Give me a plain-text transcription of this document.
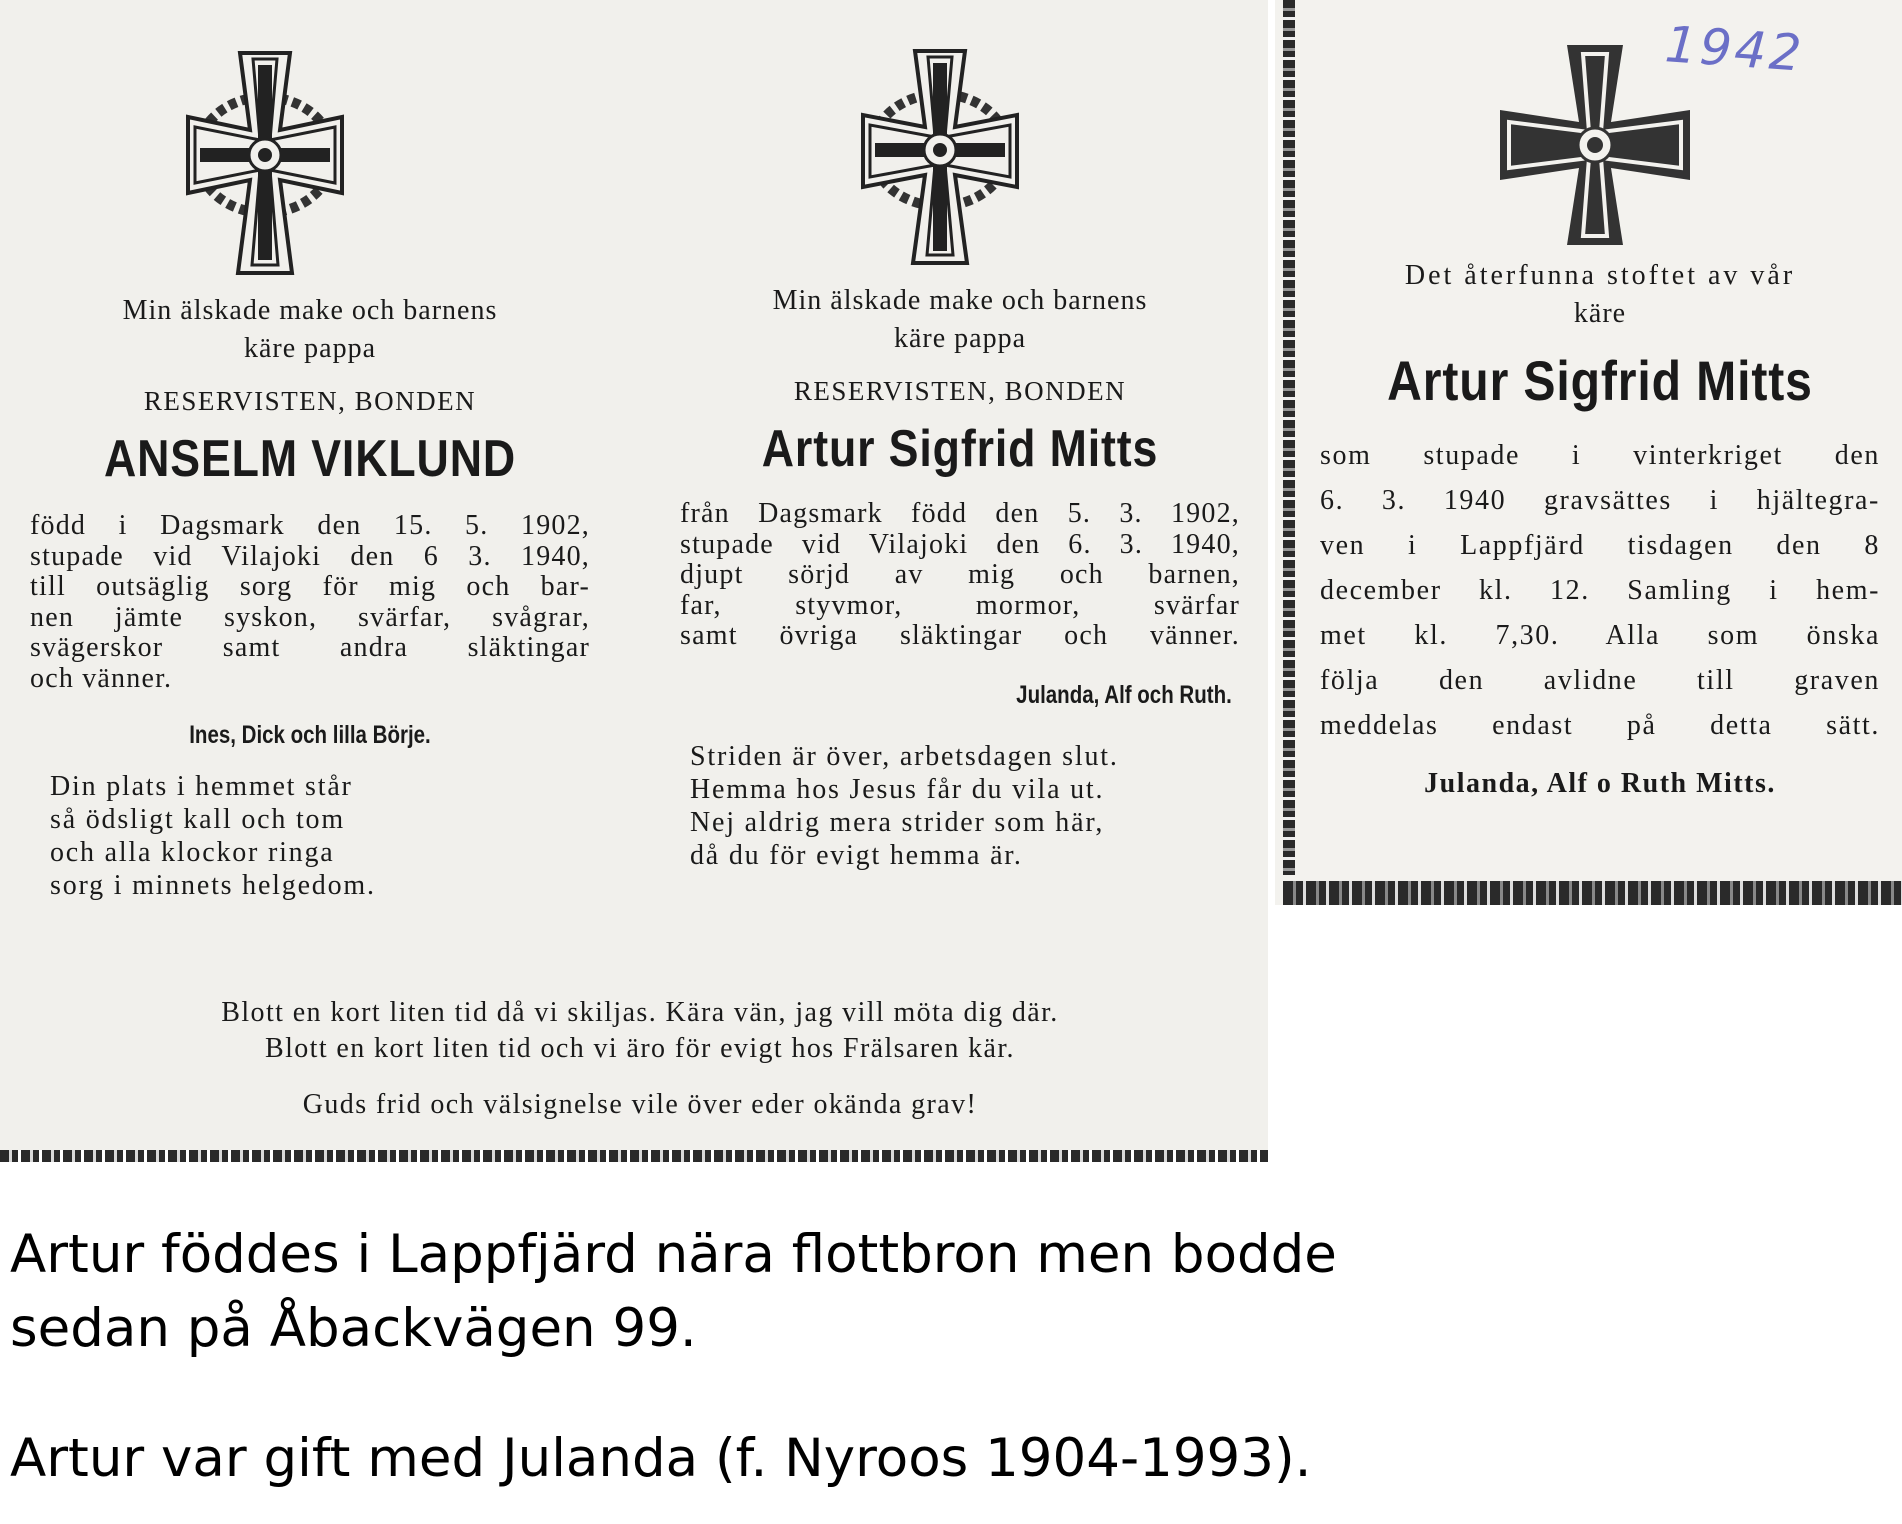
Min älskade make och barnens
käre pappa
RESERVISTEN, BONDEN
ANSELM VIKLUND
född i Dagsmark den 15. 5. 1902,
stupade vid Vilajoki den 6 3. 1940,
till outsäglig sorg för mig och bar-
nen jämte syskon, svärfar, svågrar,
svägerskor samt andra släktingar
och vänner.
Ines, Dick och lilla Börje.
Din plats i hemmet står
så ödsligt kall och tom
och alla klockor ringa
sorg i minnets helgedom.
Min älskade make och barnens
käre pappa
RESERVISTEN, BONDEN
Artur Sigfrid Mitts
från Dagsmark född den 5. 3. 1902,
stupade vid Vilajoki den 6. 3. 1940,
djupt sörjd av mig och barnen,
far, styvmor, mormor, svärfar
samt övriga släktingar och vänner.
Julanda, Alf och Ruth.
Striden är över, arbetsdagen slut.
Hemma hos Jesus får du vila ut.
Nej aldrig mera strider som här,
då du för evigt hemma är.
Blott en kort liten tid då vi skiljas. Kära vän, jag vill möta dig där.
Blott en kort liten tid och vi äro för evigt hos Frälsaren kär.
Guds frid och välsignelse vile över eder okända grav!
1942
Det återfunna stoftet av vår
käre
Artur Sigfrid Mitts
som stupade i vinterkriget den
6. 3. 1940 gravsättes i hjältegra-
ven i Lappfjärd tisdagen den 8
december kl. 12. Samling i hem-
met kl. 7,30. Alla som önska
följa den avlidne till graven
meddelas endast på detta sätt.
Julanda, Alf o Ruth Mitts.
Artur föddes i Lappfjärd nära flottbron men bodde
sedan på Åbackvägen 99.
Artur var gift med Julanda (f. Nyroos 1904-1993).
